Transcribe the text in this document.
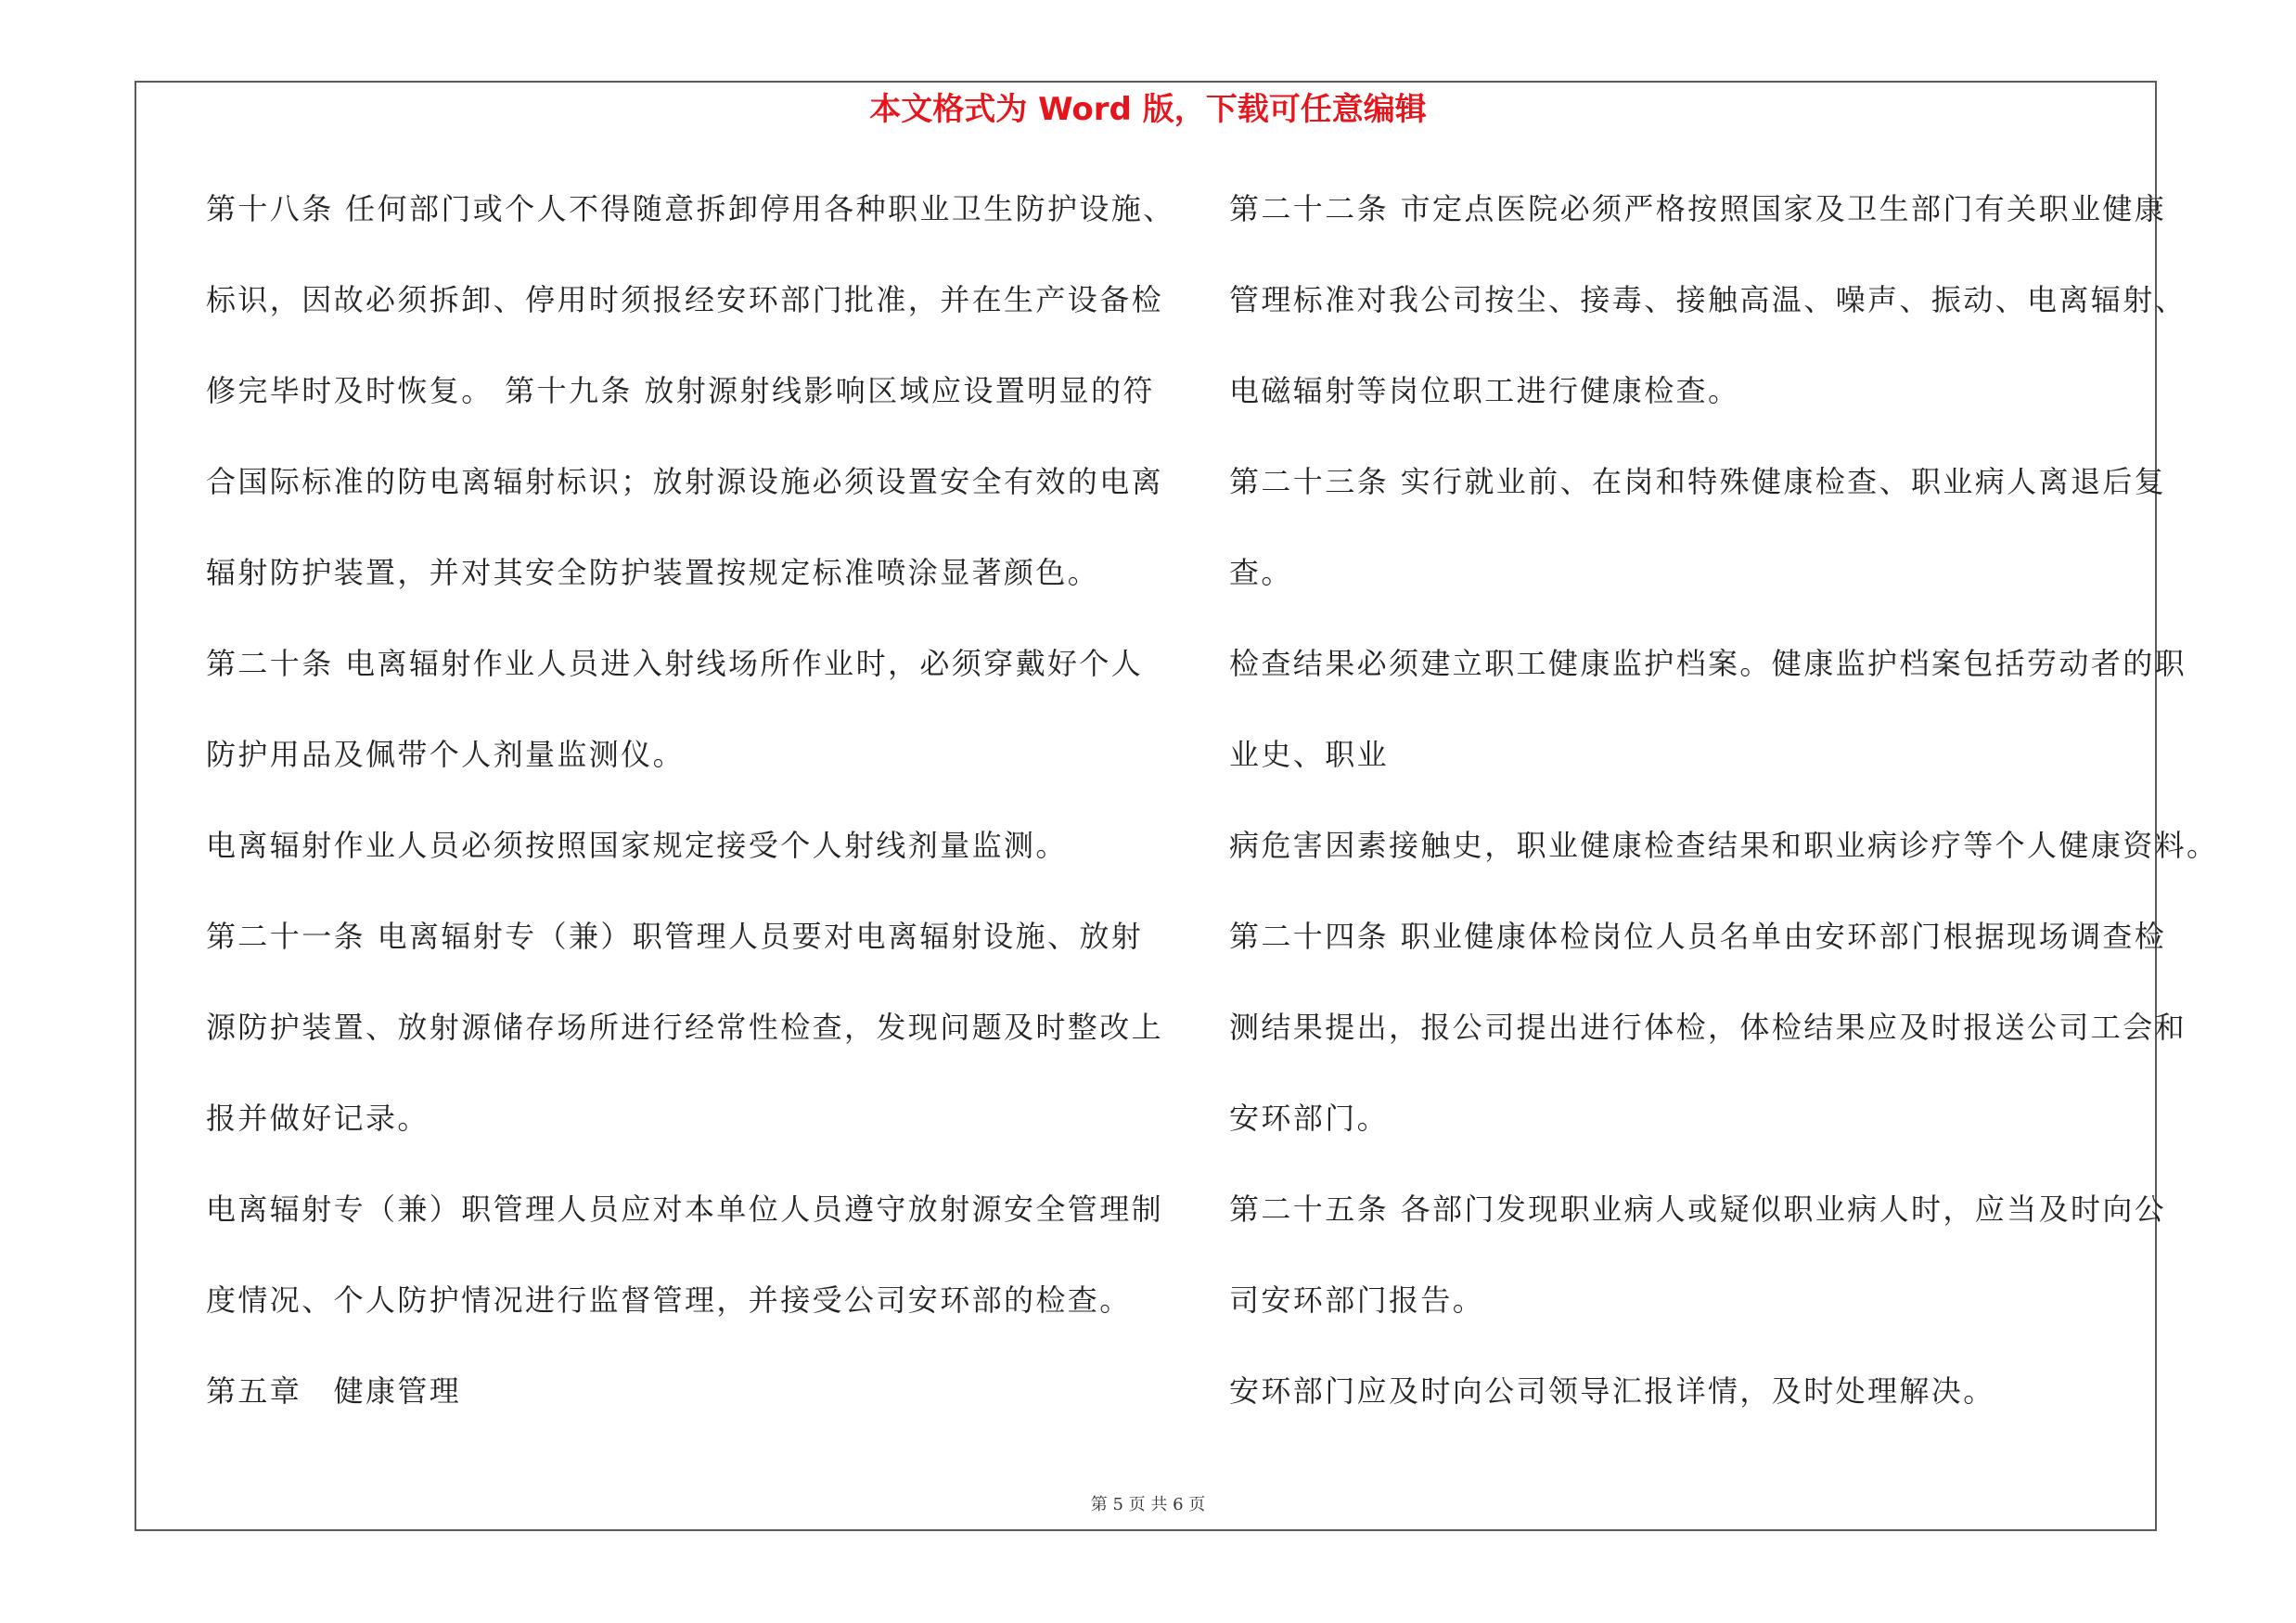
本文格式为 Word 版，下载可任意编辑
第十八条 任何部门或个人不得随意拆卸停用各种职业卫生防护设施、
标识，因故必须拆卸、停用时须报经安环部门批准，并在生产设备检
修完毕时及时恢复。 第十九条 放射源射线影响区域应设置明显的符
合国际标准的防电离辐射标识；放射源设施必须设置安全有效的电离
辐射防护装置，并对其安全防护装置按规定标准喷涂显著颜色。
第二十条 电离辐射作业人员进入射线场所作业时，必须穿戴好个人
防护用品及佩带个人剂量监测仪。
电离辐射作业人员必须按照国家规定接受个人射线剂量监测。
第二十一条 电离辐射专（兼）职管理人员要对电离辐射设施、放射
源防护装置、放射源储存场所进行经常性检查，发现问题及时整改上
报并做好记录。
电离辐射专（兼）职管理人员应对本单位人员遵守放射源安全管理制
度情况、个人防护情况进行监督管理，并接受公司安环部的检查。
第五章　健康管理
第二十二条 市定点医院必须严格按照国家及卫生部门有关职业健康
管理标准对我公司按尘、接毒、接触高温、噪声、振动、电离辐射、
电磁辐射等岗位职工进行健康检查。
第二十三条 实行就业前、在岗和特殊健康检查、职业病人离退后复
查。
检查结果必须建立职工健康监护档案。健康监护档案包括劳动者的职
业史、职业
病危害因素接触史，职业健康检查结果和职业病诊疗等个人健康资料。
第二十四条 职业健康体检岗位人员名单由安环部门根据现场调查检
测结果提出，报公司提出进行体检，体检结果应及时报送公司工会和
安环部门。
第二十五条 各部门发现职业病人或疑似职业病人时，应当及时向公
司安环部门报告。
安环部门应及时向公司领导汇报详情，及时处理解决。
第 5 页 共 6 页
